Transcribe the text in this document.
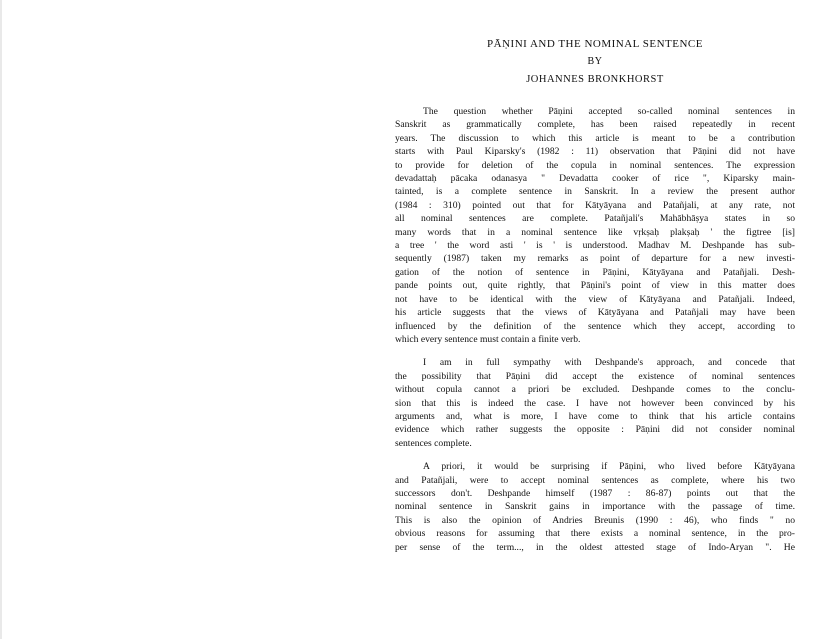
PĀṆINI AND THE NOMINAL SENTENCE
BY
JOHANNES BRONKHORST
The question whether Pāṇini accepted so-called nominal sentences in
Sanskrit as grammatically complete, has been raised repeatedly in recent
years. The discussion to which this article is meant to be a contribution
starts with Paul Kiparsky's (1982 : 11) observation that Pāṇini did not have
to provide for deletion of the copula in nominal sentences. The expression
devadattaḥ pācaka odanasya " Devadatta cooker of rice ", Kiparsky main-
tainted, is a complete sentence in Sanskrit. In a review the present author
(1984 : 310) pointed out that for Kātyāyana and Patañjali, at any rate, not
all nominal sentences are complete. Patañjali's Mahābhāṣya states in so
many words that in a nominal sentence like vṛkṣaḥ plakṣaḥ ' the figtree [is]
a tree ' the word asti ' is ' is understood. Madhav M. Deshpande has sub-
sequently (1987) taken my remarks as point of departure for a new investi-
gation of the notion of sentence in Pāṇini, Kātyāyana and Patañjali. Desh-
pande points out, quite rightly, that Pāṇini's point of view in this matter does
not have to be identical with the view of Kātyāyana and Patañjali. Indeed,
his article suggests that the views of Kātyāyana and Patañjali may have been
influenced by the definition of the sentence which they accept, according to
which every sentence must contain a finite verb.
I am in full sympathy with Deshpande's approach, and concede that
the possibility that Pāṇini did accept the existence of nominal sentences
without copula cannot a priori be excluded. Deshpande comes to the conclu-
sion that this is indeed the case. I have not however been convinced by his
arguments and, what is more, I have come to think that his article contains
evidence which rather suggests the opposite : Pāṇini did not consider nominal
sentences complete.
A priori, it would be surprising if Pāṇini, who lived before Kātyāyana
and Patañjali, were to accept nominal sentences as complete, where his two
successors don't. Deshpande himself (1987 : 86-87) points out that the
nominal sentence in Sanskrit gains in importance with the passage of time.
This is also the opinion of Andries Breunis (1990 : 46), who finds " no
obvious reasons for assuming that there exists a nominal sentence, in the pro-
per sense of the term..., in the oldest attested stage of Indo-Aryan ". He
